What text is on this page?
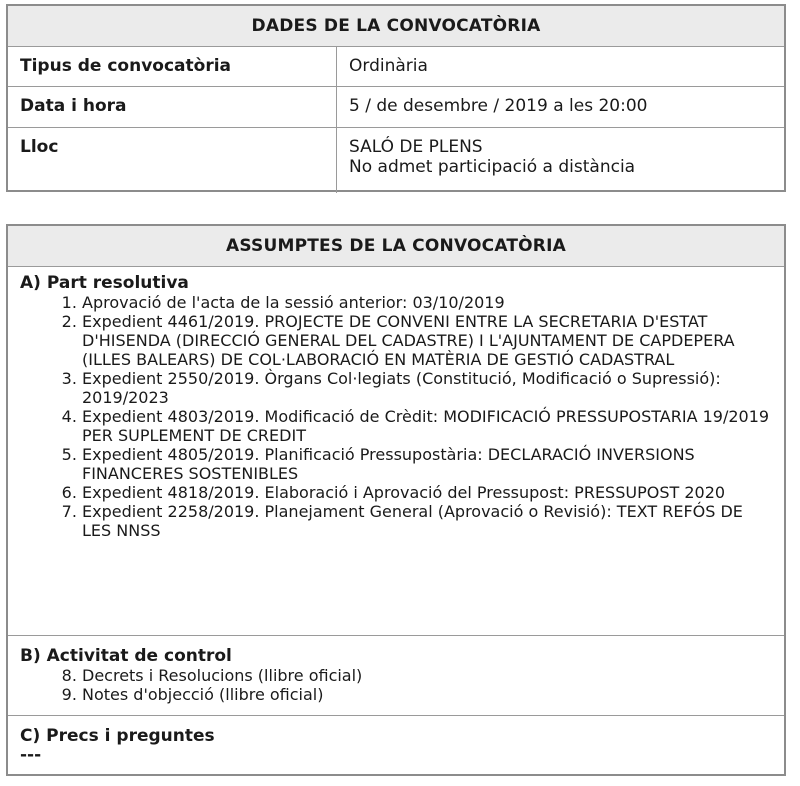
DADES DE LA CONVOCATÒRIA
Tipus de convocatòria	Ordinària
Data i hora	5 / de desembre / 2019 a les 20:00
Lloc	SALÓ DE PLENS
No admet participació a distància
ASSUMPTES DE LA CONVOCATÒRIA
A) Part resolutiva
1. Aprovació de l'acta de la sessió anterior: 03/10/2019
2. Expedient 4461/2019. PROJECTE DE CONVENI ENTRE LA SECRETARIA D'ESTAT D'HISENDA (DIRECCIÓ GENERAL DEL CADASTRE) I L'AJUNTAMENT DE CAPDEPERA (ILLES BALEARS) DE COL·LABORACIÓ EN MATÈRIA DE GESTIÓ CADASTRAL
3. Expedient 2550/2019. Òrgans Col·legiats (Constitució, Modificació o Supressió): 2019/2023
4. Expedient 4803/2019. Modificació de Crèdit: MODIFICACIÓ PRESSUPOSTARIA 19/2019 PER SUPLEMENT DE CREDIT
5. Expedient 4805/2019. Planificació Pressupostària: DECLARACIÓ INVERSIONS FINANCERES SOSTENIBLES
6. Expedient 4818/2019. Elaboració i Aprovació del Pressupost: PRESSUPOST 2020
7. Expedient 2258/2019. Planejament General (Aprovació o Revisió): TEXT REFÓS DE LES NNSS
B) Activitat de control
8. Decrets i Resolucions (llibre oficial)
9. Notes d'objecció (llibre oficial)
C) Precs i preguntes
---
